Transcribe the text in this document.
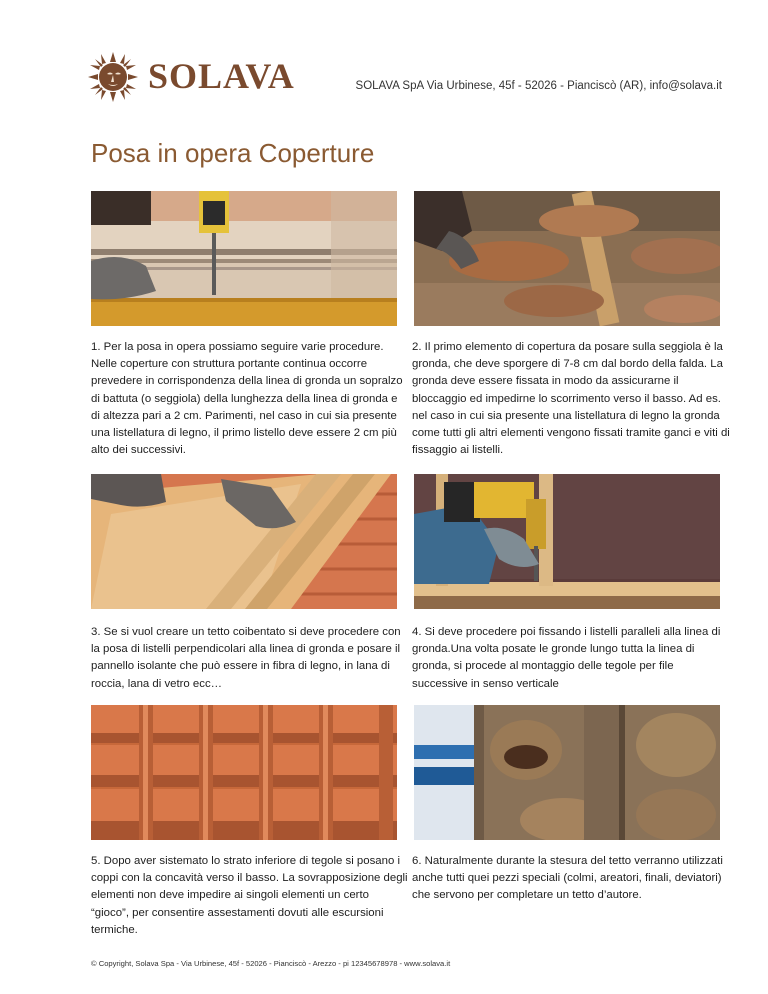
SOLAVA	SOLAVA SpA Via Urbinese, 45f - 52026 - Pianciscò (AR), info@solava.it
Posa in opera Coperture

1. Per la posa in opera possiamo seguire varie procedure. Nelle coperture con struttura portante continua occorre prevedere in corrispondenza della linea di gronda un sopralzo di battuta (o seggiola) della lunghezza della linea di gronda e di altezza pari a 2 cm. Parimenti, nel caso in cui sia presente una listellatura di legno, il primo listello deve essere 2 cm più alto dei successivi.

2. Il primo elemento di copertura da posare sulla seggiola è la gronda, che deve sporgere di 7-8 cm dal bordo della falda. La gronda deve essere fissata in modo da assicurarne il bloccaggio ed impedirne lo scorrimento verso il basso. Ad es. nel caso in cui sia presente una listellatura di legno la gronda come tutti gli altri elementi vengono fissati tramite ganci e viti di fissaggio ai listelli.

3. Se si vuol creare un tetto coibentato si deve procedere con la posa di listelli perpendicolari alla linea di gronda e posare il pannello isolante che può essere in fibra di legno, in lana di roccia, lana di vetro ecc…

4. Si deve procedere poi fissando i listelli paralleli alla linea di gronda.Una volta posate le gronde lungo tutta la linea di gronda, si procede al montaggio delle tegole per file successive in senso verticale

5. Dopo aver sistemato lo strato inferiore di tegole si posano i coppi con la concavità verso il basso. La sovrapposizione degli elementi non deve impedire ai singoli elementi un certo “gioco”, per consentire assestamenti dovuti alle escursioni termiche.

6. Naturalmente durante la stesura del tetto verranno utilizzati anche tutti quei pezzi speciali (colmi, areatori, finali, deviatori) che servono per completare un tetto d’autore.

© Copyright, Solava Spa - Via Urbinese, 45f - 52026 - Pianciscò - Arezzo - pi 12345678978 - www.solava.it
